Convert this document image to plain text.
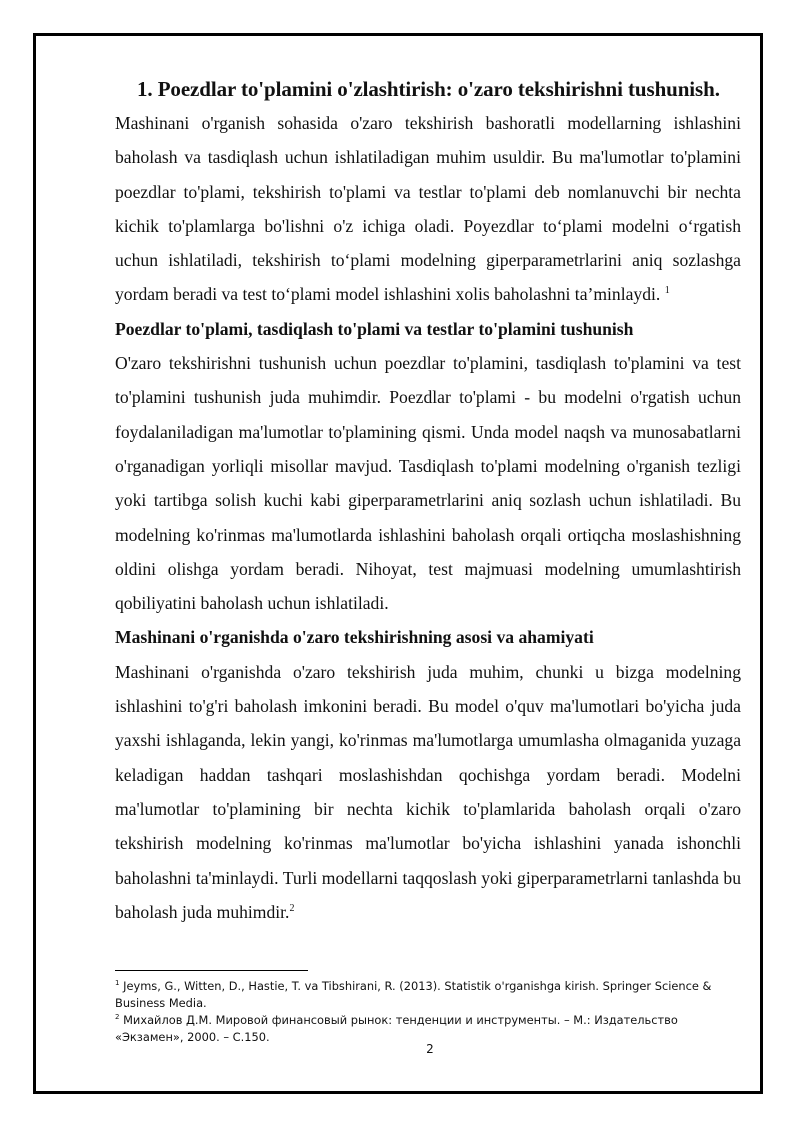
1. Poezdlar to'plamini o'zlashtirish: o'zaro tekshirishni tushunish.

Mashinani o'rganish sohasida o'zaro tekshirish bashoratli modellarning ishlashini baholash va tasdiqlash uchun ishlatiladigan muhim usuldir. Bu ma'lumotlar to'plamini poezdlar to'plami, tekshirish to'plami va testlar to'plami deb nomlanuvchi bir nechta kichik to'plamlarga bo'lishni o'z ichiga oladi. Poyezdlar to‘plami modelni o‘rgatish uchun ishlatiladi, tekshirish to‘plami modelning giperparametrlarini aniq sozlashga yordam beradi va test to‘plami model ishlashini xolis baholashni ta’minlaydi. $^1$

Poezdlar to'plami, tasdiqlash to'plami va testlar to'plamini tushunish

O'zaro tekshirishni tushunish uchun poezdlar to'plamini, tasdiqlash to'plamini va test to'plamini tushunish juda muhimdir. Poezdlar to'plami - bu modelni o'rgatish uchun foydalaniladigan ma'lumotlar to'plamining qismi. Unda model naqsh va munosabatlarni o'rganadigan yorliqli misollar mavjud. Tasdiqlash to'plami modelning o'rganish tezligi yoki tartibga solish kuchi kabi giperparametrlarini aniq sozlash uchun ishlatiladi. Bu modelning ko'rinmas ma'lumotlarda ishlashini baholash orqali ortiqcha moslashishning oldini olishga yordam beradi. Nihoyat, test majmuasi modelning umumlashtirish qobiliyatini baholash uchun ishlatiladi.

Mashinani o'rganishda o'zaro tekshirishning asosi va ahamiyati

Mashinani o'rganishda o'zaro tekshirish juda muhim, chunki u bizga modelning ishlashini to'g'ri baholash imkonini beradi. Bu model o'quv ma'lumotlari bo'yicha juda yaxshi ishlaganda, lekin yangi, ko'rinmas ma'lumotlarga umumlasha olmaganida yuzaga keladigan haddan tashqari moslashishdan qochishga yordam beradi. Modelni ma'lumotlar to'plamining bir nechta kichik to'plamlarida baholash orqali o'zaro tekshirish modelning ko'rinmas ma'lumotlar bo'yicha ishlashini yanada ishonchli baholashni ta'minlaydi. Turli modellarni taqqoslash yoki giperparametrlarni tanlashda bu baholash juda muhimdir.$^2$

$^1$ Jeyms, G., Witten, D., Hastie, T. va Tibshirani, R. (2013). Statistik o'rganishga kirish. Springer Science & Business Media.

$^2$ Михайлов Д.М. Мировой финансовый рынок: тенденции и инструменты. – М.: Издательство «Экзамен», 2000. – С.150.

2
